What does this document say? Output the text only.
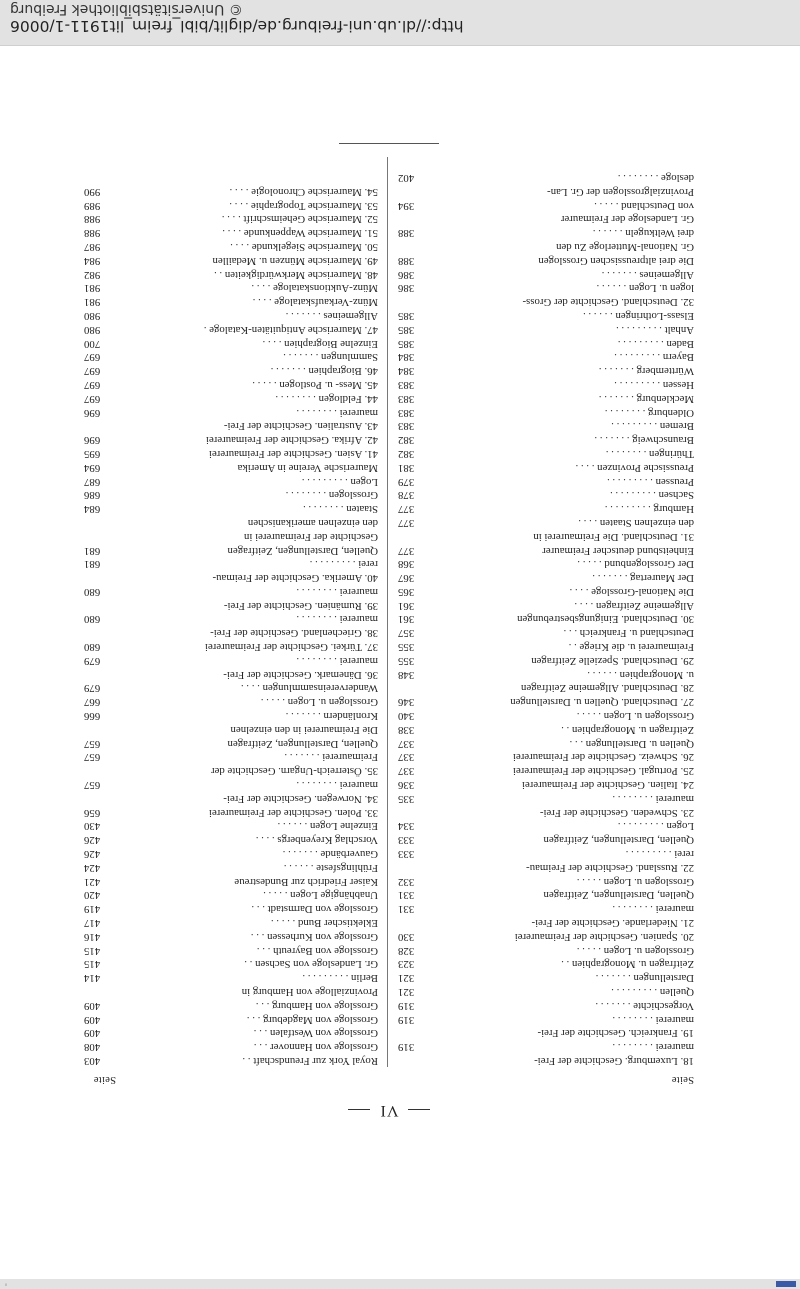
◦
VI
Seite
Seite
18. Luxemburg. Geschichte der Frei-
maurerei . . . . . . . .
319
19. Frankreich. Geschichte der Frei-
maurerei . . . . . . . .
319
Vorgeschichte . . . . . . .
319
Quellen . . . . . . . . .
321
Darstellungen . . . . . . .
321
Zeitfragen u. Monographien . .
323
Grosslogen u. Logen . . . . .
328
20. Spanien. Geschichte der Freimaurerei
330
21. Niederlande. Geschichte der Frei-
maurerei . . . . . . . .
331
Quellen, Darstellungen, Zeitfragen
331
Grosslogen u. Logen . . . . .
332
22. Russland. Geschichte der Freimau-
rerei . . . . . . . . .
333
Quellen, Darstellungen, Zeitfragen
333
Logen . . . . . . . . .
334
23. Schweden. Geschichte der Frei-
maurerei . . . . . . . .
335
24. Italien. Geschichte der Freimaurerei
336
25. Portugal. Geschichte der Freimaurerei
337
26. Schweiz. Geschichte der Freimaurerei
337
Quellen u. Darstellungen . . .
337
Zeitfragen u. Monographien . .
338
Grosslogen u. Logen . . . . .
340
27. Deutschland. Quellen u. Darstellungen
346
28. Deutschland. Allgemeine Zeitfragen
u. Monographien . . . . . .
348
29. Deutschland. Spezielle Zeitfragen
355
Freimaurerei u. die Kriege . .
355
Deutschland u. Frankreich . . .
357
30. Deutschland. Einigungsbestrebungen
361
Allgemeine Zeitfragen . . . .
361
Die National-Grossloge . . . .
365
Der Maurertag . . . . . . .
367
Der Grosslogenbund . . . . .
368
Einheitsbund deutscher Freimaurer
377
31. Deutschland. Die Freimaurerei in
den einzelnen Staaten . . . .
377
Hamburg . . . . . . . . .
377
Sachsen . . . . . . . . .
378
Preussen . . . . . . . . .
379
Preussische Provinzen . . . .
381
Thüringen . . . . . . . .
382
Braunschweig . . . . . . .
382
Bremen . . . . . . . . .
383
Oldenburg . . . . . . . .
383
Mecklenburg . . . . . . .
383
Hessen . . . . . . . . .
383
Württemberg . . . . . . .
384
Bayern . . . . . . . . .
384
Baden . . . . . . . . .
385
Anhalt . . . . . . . . .
385
Elsass-Lothringen . . . . . .
385
32. Deutschland. Geschichte der Gross-
logen u. Logen . . . . . .
386
Allgemeines . . . . . . .
386
Die drei altpreussischen Grosslogen
388
Gr. National-Mutterloge Zu den
drei Weltkugeln . . . . . .
388
Gr. Landesloge der Freimaurer
von Deutschland . . . . .
394
Provinzialgrosslogen der Gr. Lan-
desloge . . . . . . . .
402
Royal York zur Freundschaft . .
403
Grossloge von Hannover . . .
408
Grossloge von Westfalen . . .
409
Grossloge von Magdeburg . . .
409
Grossloge von Hamburg . . .
409
Provinzialloge von Hamburg in
Berlin . . . . . . . . .
414
Gr. Landesloge von Sachsen . .
415
Grossloge von Bayreuth . . .
415
Grossloge von Kurhessen . . .
416
Eklektischer Bund . . . . .
417
Grossloge von Darmstadt . . .
419
Unabhängige Logen . . . . .
420
Kaiser Friedrich zur Bundestreue
421
Frühlingsfeste . . . . . .
424
Gauverbände . . . . . . .
426
Vorschlag Kreyenbergs . . . .
426
Einzelne Logen . . . . . .
430
33. Polen. Geschichte der Freimaurerei
656
34. Norwegen. Geschichte der Frei-
maurerei . . . . . . . .
657
35. Österreich-Ungarn. Geschichte der
Freimaurerei . . . . . . .
657
Quellen, Darstellungen, Zeitfragen
657
Die Freimaurerei in den einzelnen
Kronländern . . . . . . .
666
Grosslogen u. Logen . . . . .
667
Wandervereinsammlungen . . . .
679
36. Dänemark. Geschichte der Frei-
maurerei . . . . . . . .
679
37. Türkei. Geschichte der Freimaurerei
680
38. Griechenland. Geschichte der Frei-
maurerei . . . . . . . .
680
39. Rumänien. Geschichte der Frei-
maurerei . . . . . . . .
680
40. Amerika. Geschichte der Freimau-
rerei . . . . . . . . .
681
Quellen, Darstellungen, Zeitfragen
681
Geschichte der Freimaurerei in
den einzelnen amerikanischen
Staaten . . . . . . . .
684
Grosslogen . . . . . . . .
686
Logen . . . . . . . . .
687
Maurerische Vereine in Amerika
694
41. Asien. Geschichte der Freimaurerei
695
42. Afrika. Geschichte der Freimaurerei
696
43. Australien. Geschichte der Frei-
maurerei . . . . . . . .
696
44. Feldlogen . . . . . . . .
697
45. Mess- u. Postlogen . . . . .
697
46. Biographien . . . . . . .
697
Sammlungen . . . . . . .
697
Einzelne Biographien . . . .
700
47. Maurerische Antiquitäten-Kataloge .
980
Allgemeines . . . . . . .
980
Münz-Verkaufskataloge . . . .
981
Münz-Auktionskataloge . . . .
981
48. Maurerische Merkwürdigkeiten . .
982
49. Maurerische Münzen u. Medaillen
984
50. Maurerische Siegelkunde . . . .
987
51. Maurerische Wappenkunde . . . .
988
52. Maurerische Geheimschrift . . . .
988
53. Maurerische Topographie . . . .
989
54. Maurerische Chronologie . . . .
990
http://dl.ub.uni-freiburg.de/diglit/bibl_freim_lit1911-1/0006
© Universitätsbibliothek Freiburg
